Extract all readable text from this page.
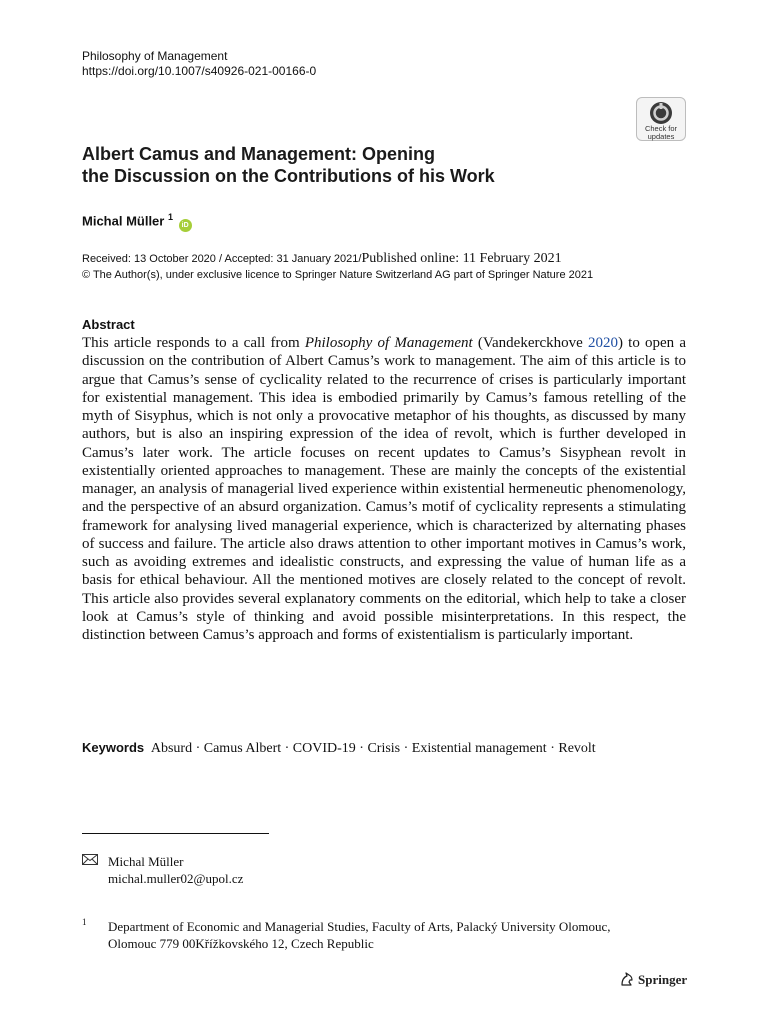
Philosophy of Management
https://doi.org/10.1007/s40926-021-00166-0
Check for
updates
Albert Camus and Management: Opening
the Discussion on the Contributions of his Work
Michal Müller $^1$ iD
Received: 13 October 2020 / Accepted: 31 January 2021/Published online: 11 February 2021
© The Author(s), under exclusive licence to Springer Nature Switzerland AG part of Springer Nature 2021
Abstract

This article responds to a call from Philosophy of Management (Vandekerckhove 2020) to open a discussion on the contribution of Albert Camus’s work to management. The aim of this article is to argue that Camus’s sense of cyclicality related to the recurrence of crises is particularly important for existential management. This idea is embodied primarily by Camus’s famous retelling of the myth of Sisyphus, which is not only a provocative metaphor of his thoughts, as discussed by many authors, but is also an inspiring expression of the idea of revolt, which is further developed in Camus’s later work. The article focuses on recent updates to Camus’s Sisyphean revolt in existentially oriented approaches to management. These are mainly the concepts of the existential manager, an analysis of managerial lived experience within existential hermeneutic phenomenology, and the perspective of an absurd organization. Camus’s motif of cyclicality represents a stimulating framework for analysing lived managerial experience, which is characterized by alternating phases of success and failure. The article also draws attention to other important motives in Camus’s work, such as avoiding extremes and idealistic constructs, and expressing the value of human life as a basis for ethical behaviour. All the mentioned motives are closely related to the concept of revolt. This article also provides several explanatory comments on the editorial, which help to take a closer look at Camus’s style of thinking and avoid possible misinterpretations. In this respect, the distinction between Camus’s approach and forms of existentialism is particularly important.

Keywords Absurd · Camus Albert · COVID-19 · Crisis · Existential management · Revolt
Michal Müller
michal.muller02@upol.cz
1 Department of Economic and Managerial Studies, Faculty of Arts, Palacký University Olomouc,
Olomouc 779 00Křížkovského 12, Czech Republic
Springer
